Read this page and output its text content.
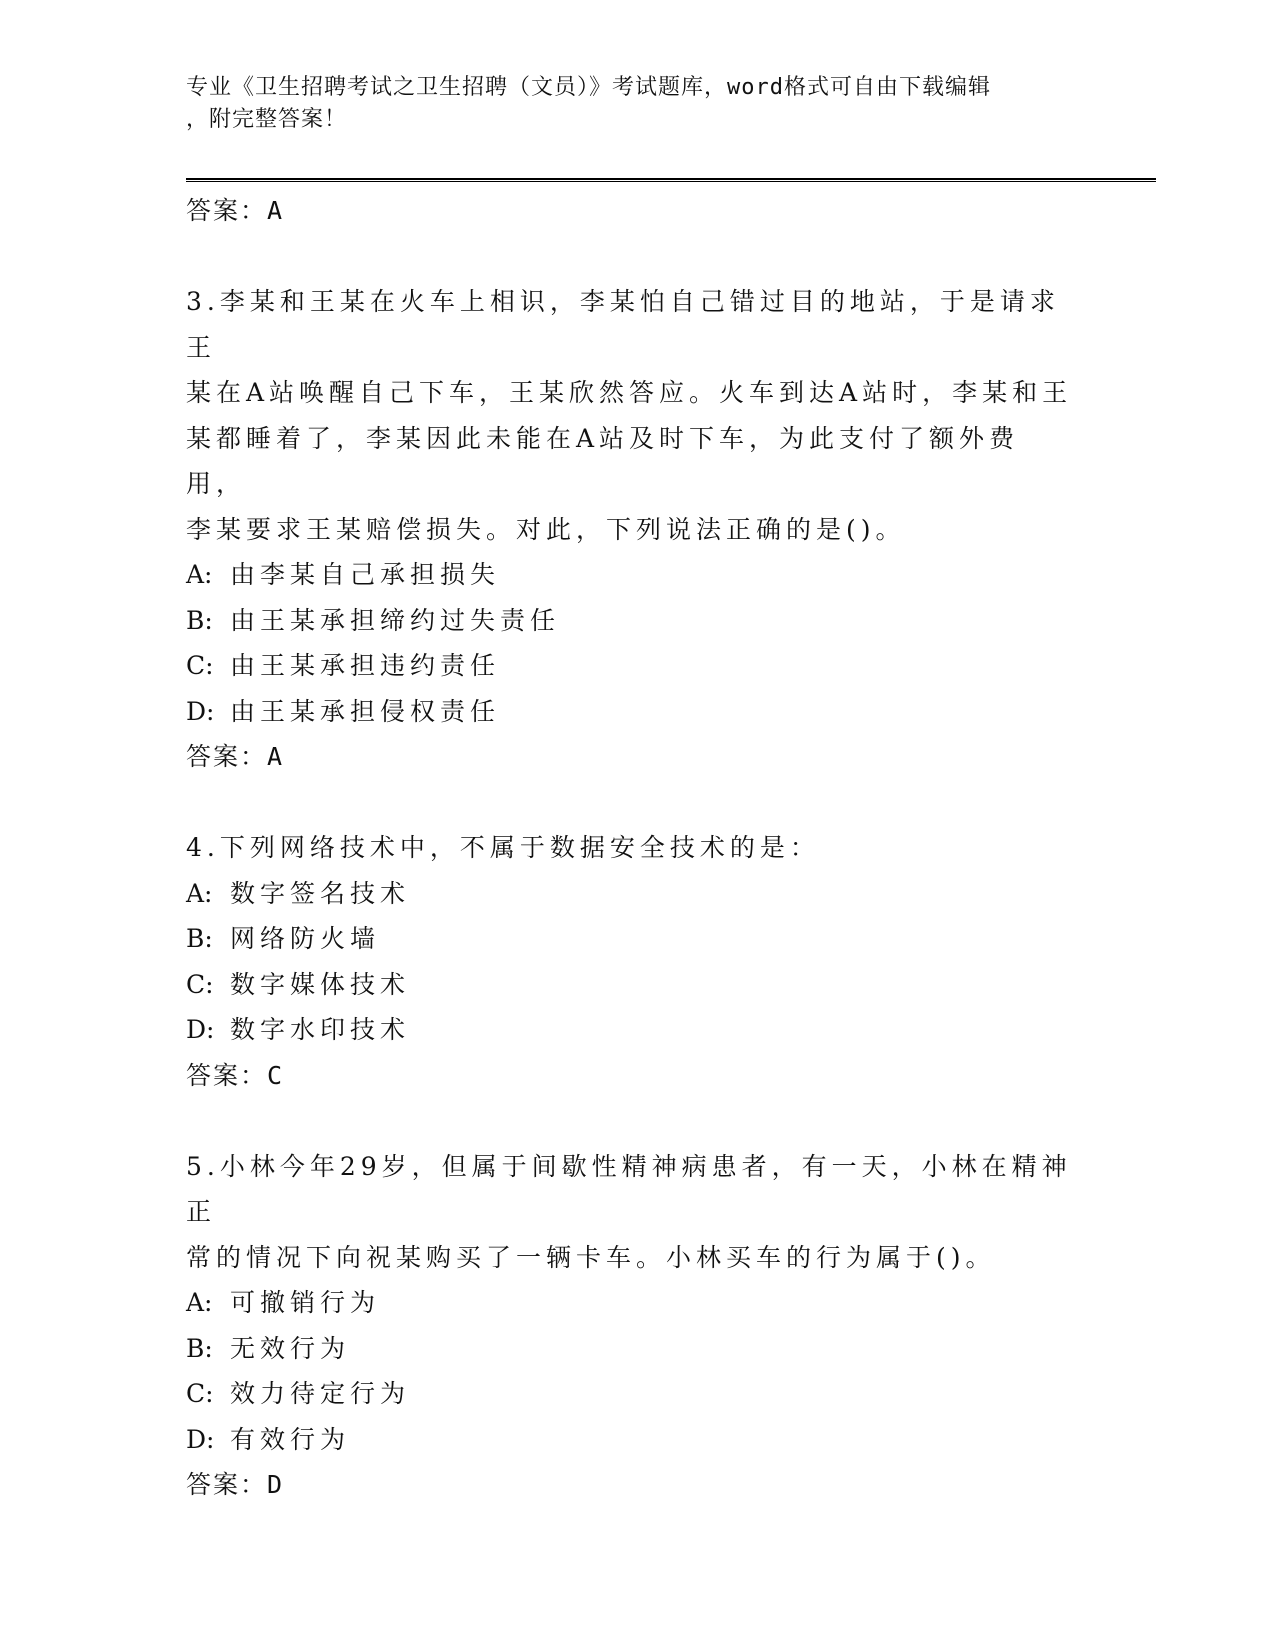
专业《卫生招聘考试之卫生招聘（文员）》考试题库，word格式可自由下载编辑
，附完整答案！
答案：A
3.李某和王某在火车上相识，李某怕自己错过目的地站，于是请求王
某在A站唤醒自己下车，王某欣然答应。火车到达A站时，李某和王
某都睡着了，李某因此未能在A站及时下车，为此支付了额外费用，
李某要求王某赔偿损失。对此，下列说法正确的是()。
A: 由李某自己承担损失
B: 由王某承担缔约过失责任
C: 由王某承担违约责任
D: 由王某承担侵权责任
答案：A
4.下列网络技术中，不属于数据安全技术的是：
A: 数字签名技术
B: 网络防火墙
C: 数字媒体技术
D: 数字水印技术
答案：C
5.小林今年29岁，但属于间歇性精神病患者，有一天，小林在精神正
常的情况下向祝某购买了一辆卡车。小林买车的行为属于()。
A: 可撤销行为
B: 无效行为
C: 效力待定行为
D: 有效行为
答案：D
